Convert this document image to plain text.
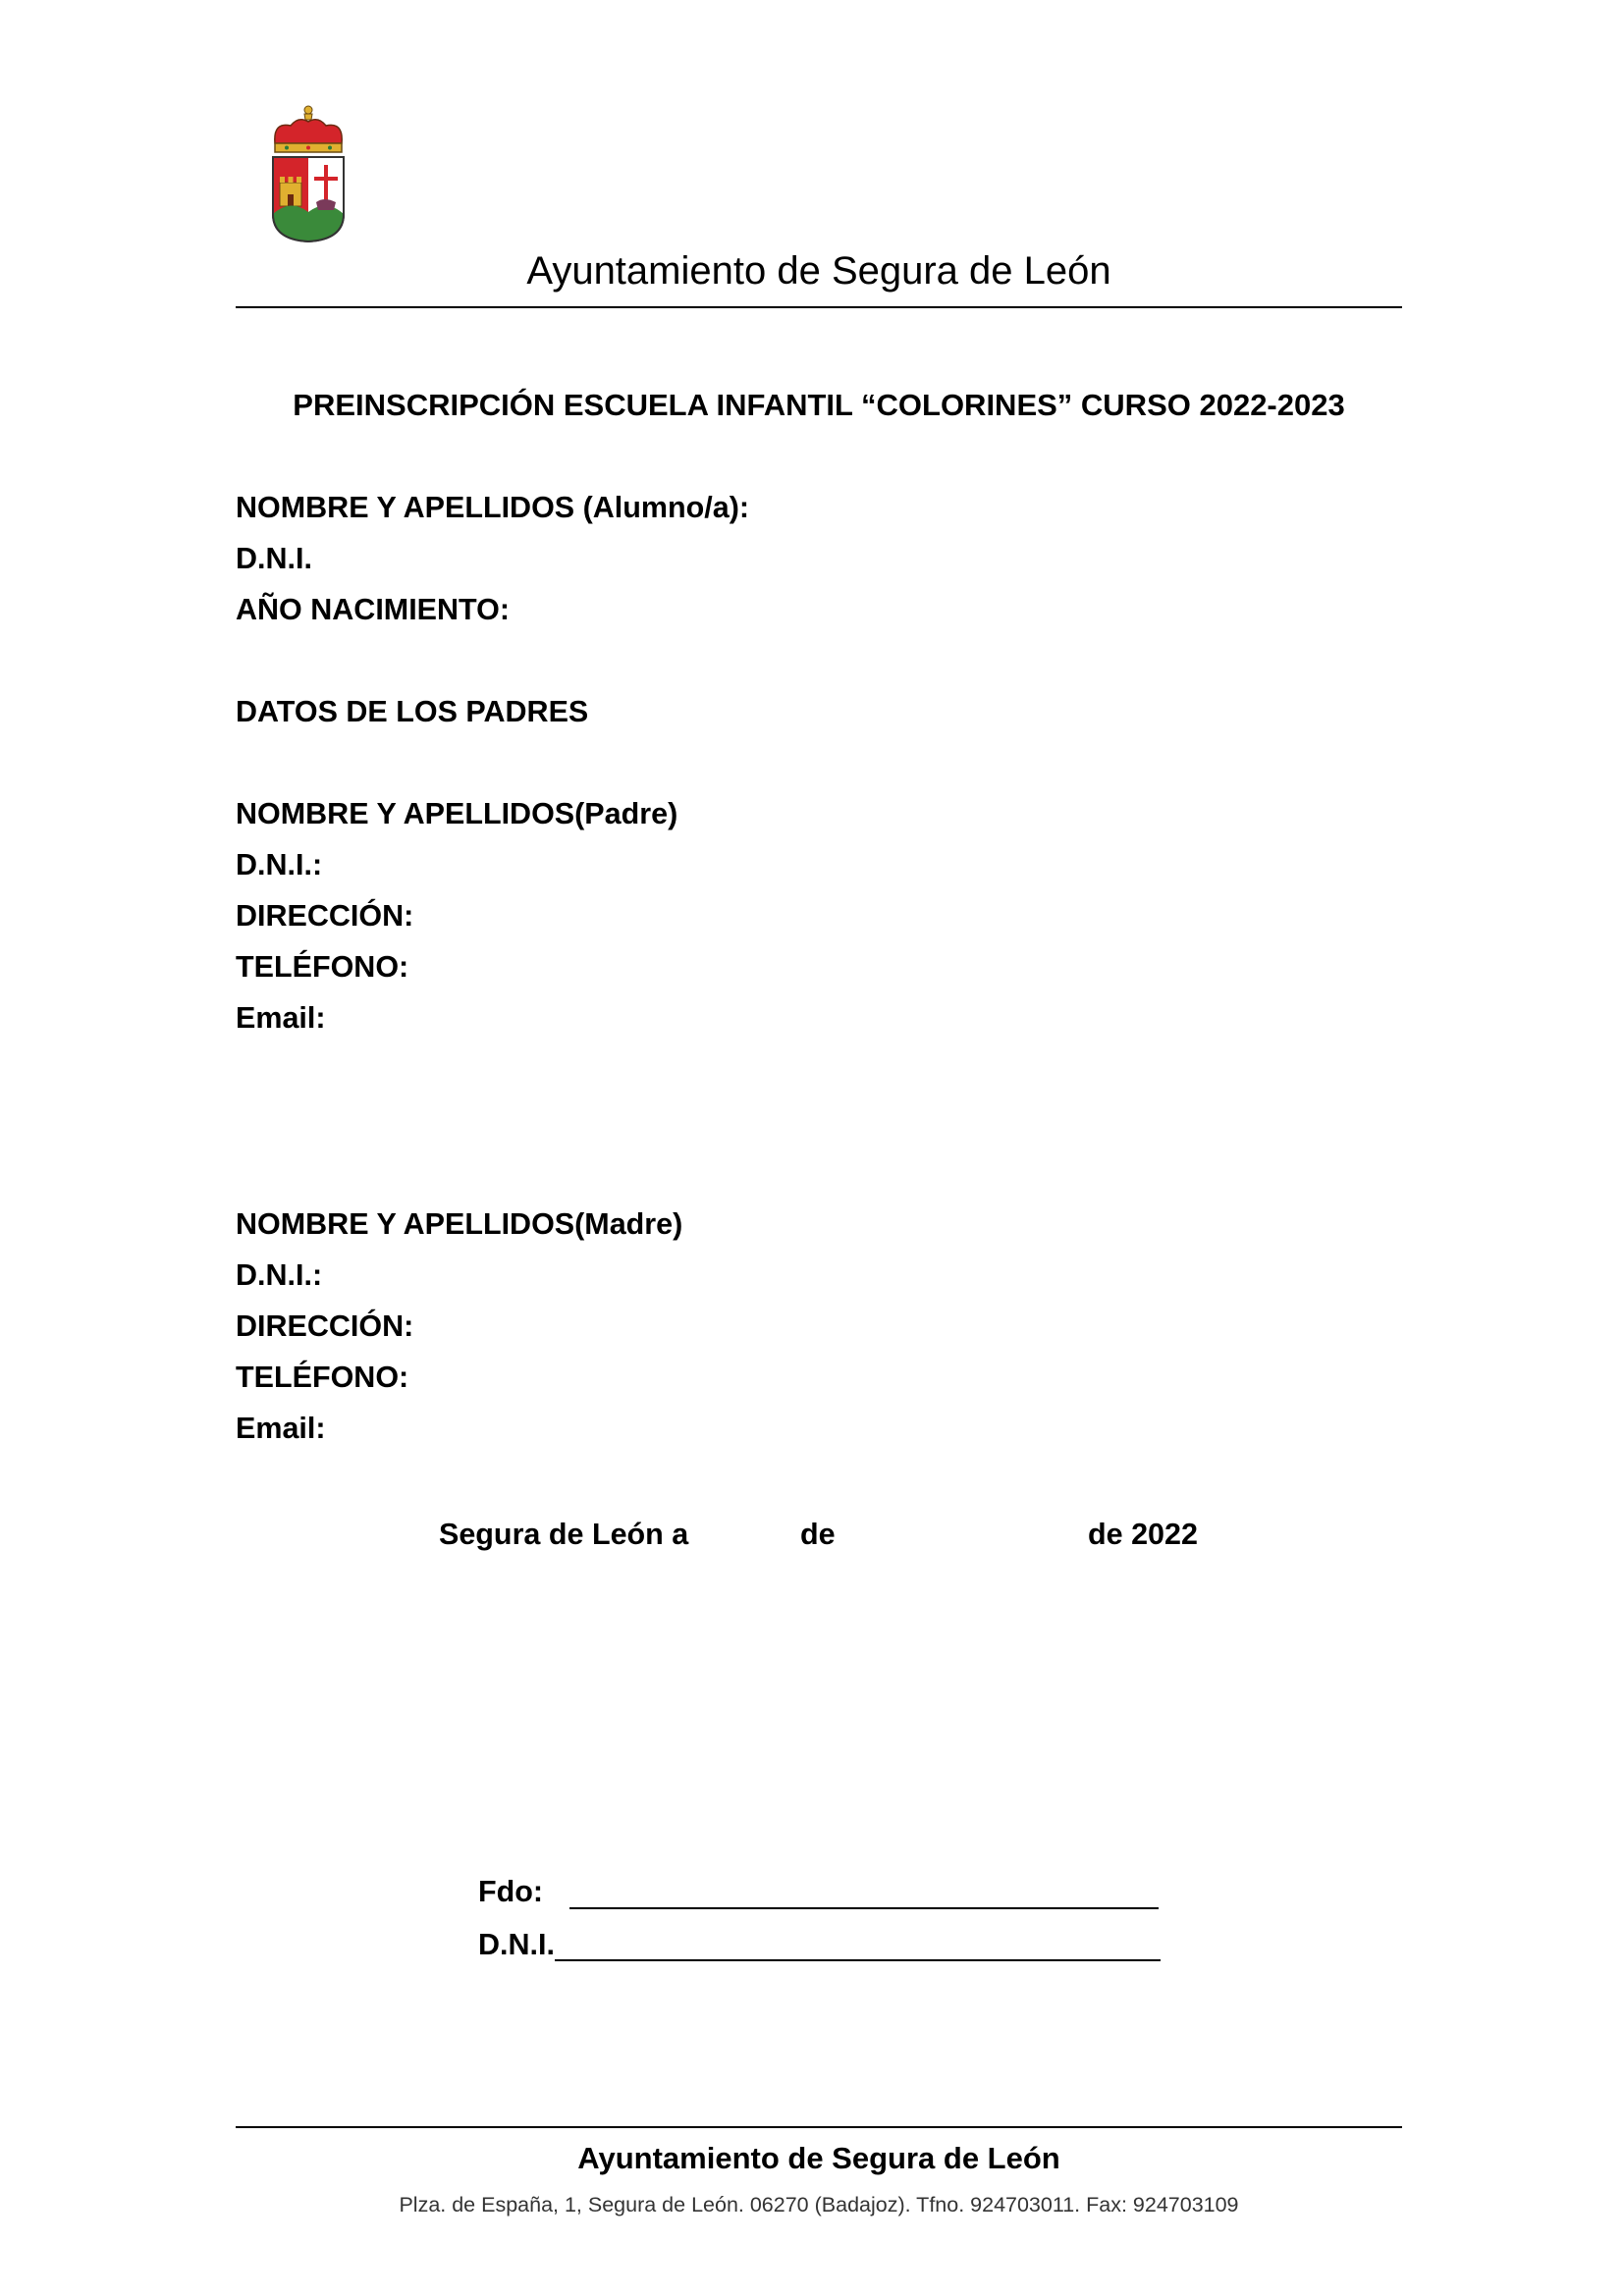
Ayuntamiento de Segura de León
PREINSCRIPCIÓN ESCUELA INFANTIL “COLORINES” CURSO 2022-2023
NOMBRE Y APELLIDOS (Alumno/a):
D.N.I.
AÑO NACIMIENTO:
DATOS DE LOS PADRES
NOMBRE Y APELLIDOS(Padre)
D.N.I.:
DIRECCIÓN:
TELÉFONO:
Email:
NOMBRE Y APELLIDOS(Madre)
D.N.I.:
DIRECCIÓN:
TELÉFONO:
Email:
Segura de León a	de	de 2022
Fdo:
D.N.I.
Ayuntamiento de Segura de León
Plza. de España, 1, Segura de León. 06270 (Badajoz). Tfno. 924703011. Fax: 924703109
